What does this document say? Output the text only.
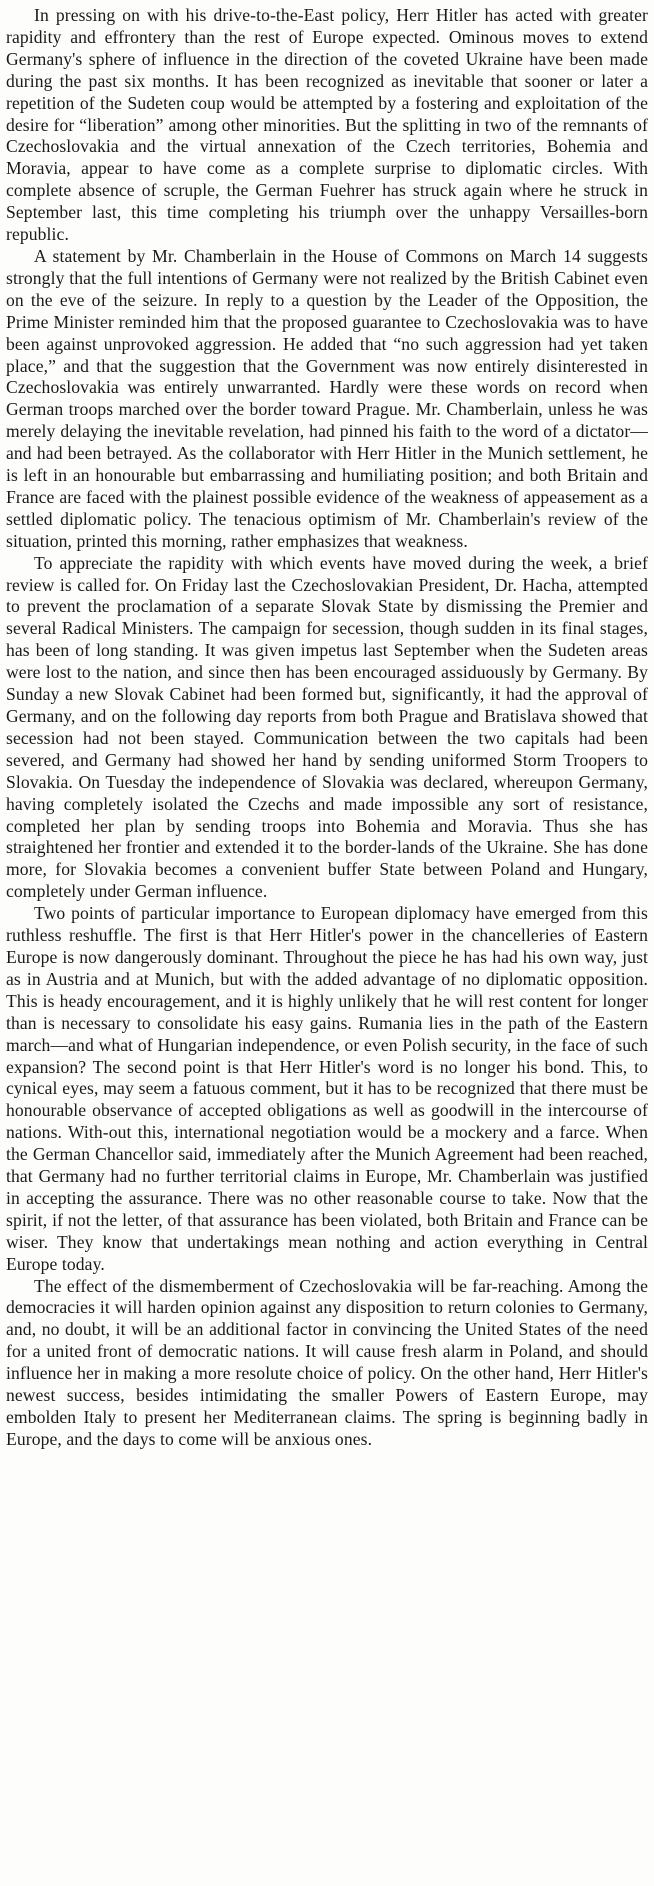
In pressing on with his drive-to-the-East policy, Herr Hitler has acted with greater rapidity and effrontery than the rest of Europe expected. Ominous moves to extend Germany's sphere of influence in the direction of the coveted Ukraine have been made during the past six months. It has been recognized as inevitable that sooner or later a repetition of the Sudeten coup would be attempted by a fostering and exploitation of the desire for “liberation” among other minorities. But the splitting in two of the remnants of Czechoslovakia and the virtual annexation of the Czech territories, Bohemia and Moravia, appear to have come as a complete surprise to diplomatic circles. With complete absence of scruple, the German Fuehrer has struck again where he struck in September last, this time completing his triumph over the unhappy Versailles-born republic.

A statement by Mr. Chamberlain in the House of Commons on March 14 suggests strongly that the full intentions of Germany were not realized by the British Cabinet even on the eve of the seizure. In reply to a question by the Leader of the Opposition, the Prime Minister reminded him that the proposed guarantee to Czechoslovakia was to have been against unprovoked aggression. He added that “no such aggression had yet taken place,” and that the suggestion that the Government was now entirely disinterested in Czechoslovakia was entirely unwarranted. Hardly were these words on record when German troops marched over the border toward Prague. Mr. Chamberlain, unless he was merely delaying the inevitable revelation, had pinned his faith to the word of a dictator—and had been betrayed. As the collaborator with Herr Hitler in the Munich settlement, he is left in an honourable but embarrassing and humiliating position; and both Britain and France are faced with the plainest possible evidence of the weakness of appeasement as a settled diplomatic policy. The tenacious optimism of Mr. Chamberlain's review of the situation, printed this morning, rather emphasizes that weakness.

To appreciate the rapidity with which events have moved during the week, a brief review is called for. On Friday last the Czechoslovakian President, Dr. Hacha, attempted to prevent the proclamation of a separate Slovak State by dismissing the Premier and several Radical Ministers. The campaign for secession, though sudden in its final stages, has been of long standing. It was given impetus last September when the Sudeten areas were lost to the nation, and since then has been encouraged assiduously by Germany. By Sunday a new Slovak Cabinet had been formed but, significantly, it had the approval of Germany, and on the following day reports from both Prague and Bratislava showed that secession had not been stayed. Communication between the two capitals had been severed, and Germany had showed her hand by sending uniformed Storm Troopers to Slovakia. On Tuesday the independence of Slovakia was declared, whereupon Germany, having completely isolated the Czechs and made impossible any sort of resistance, completed her plan by sending troops into Bohemia and Moravia. Thus she has straightened her frontier and extended it to the border-lands of the Ukraine. She has done more, for Slovakia becomes a convenient buffer State between Poland and Hungary, completely under German influence.

Two points of particular importance to European diplomacy have emerged from this ruthless reshuffle. The first is that Herr Hitler's power in the chancelleries of Eastern Europe is now dangerously dominant. Throughout the piece he has had his own way, just as in Austria and at Munich, but with the added advantage of no diplomatic opposition. This is heady encouragement, and it is highly unlikely that he will rest content for longer than is necessary to consolidate his easy gains. Rumania lies in the path of the Eastern march—and what of Hungarian independence, or even Polish security, in the face of such expansion? The second point is that Herr Hitler's word is no longer his bond. This, to cynical eyes, may seem a fatuous comment, but it has to be recognized that there must be honourable observance of accepted obligations as well as goodwill in the intercourse of nations. With-out this, international negotiation would be a mockery and a farce. When the German Chancellor said, immediately after the Munich Agreement had been reached, that Germany had no further territorial claims in Europe, Mr. Chamberlain was justified in accepting the assurance. There was no other reasonable course to take. Now that the spirit, if not the letter, of that assurance has been violated, both Britain and France can be wiser. They know that undertakings mean nothing and action everything in Central Europe today.

The effect of the dismemberment of Czechoslovakia will be far-reaching. Among the democracies it will harden opinion against any disposition to return colonies to Germany, and, no doubt, it will be an additional factor in convincing the United States of the need for a united front of democratic nations. It will cause fresh alarm in Poland, and should influence her in making a more resolute choice of policy. On the other hand, Herr Hitler's newest success, besides intimidating the smaller Powers of Eastern Europe, may embolden Italy to present her Mediterranean claims. The spring is beginning badly in Europe, and the days to come will be anxious ones.
